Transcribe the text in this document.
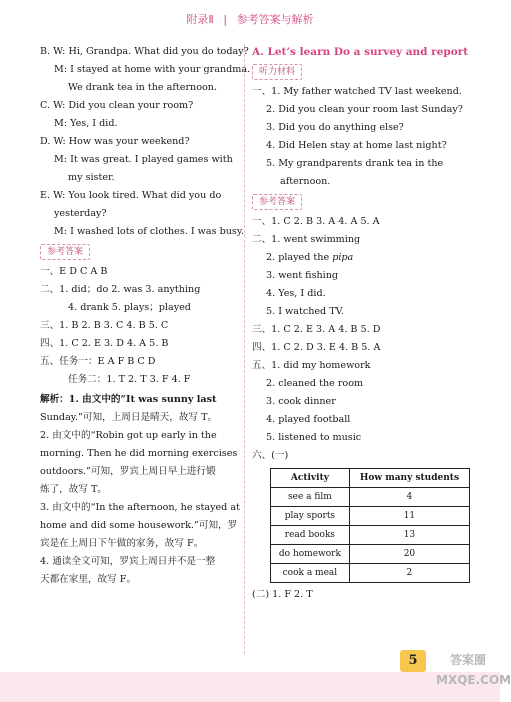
附录Ⅱ | 参考答案与解析
B. W: Hi, Grandpa. What did you do today?
M: I stayed at home with your grandma.
We drank tea in the afternoon.
C. W: Did you clean your room?
M: Yes, I did.
D. W: How was your weekend?
M: It was great. I played games with
my sister.
E. W: You look tired. What did you do
yesterday?
M: I washed lots of clothes. I was busy.
参考答案
一、E D C A B
二、1. did；do 2. was 3. anything
4. drank 5. plays；played
三、1. B 2. B 3. C 4. B 5. C
四、1. C 2. E 3. D 4. A 5. B
五、任务一：E A F B C D
任务二：1. T 2. T 3. F 4. F
解析：1. 由文中的“It was sunny last
Sunday.”可知，上周日是晴天，故写 T。
2. 由文中的“Robin got up early in the
morning. Then he did morning exercises
outdoors.”可知，罗宾上周日早上进行锻
炼了，故写 T。
3. 由文中的“In the afternoon, he stayed at
home and did some housework.”可知，罗
宾是在上周日下午做的家务，故写 F。
4. 通读全文可知，罗宾上周日并不是一整
天都在家里，故写 F。
A. Let’s learn Do a survey and report
听力材料
一、1. My father watched TV last weekend.
2. Did you clean your room last Sunday?
3. Did you do anything else?
4. Did Helen stay at home last night?
5. My grandparents drank tea in the
afternoon.
参考答案
一、1. C 2. B 3. A 4. A 5. A
二、1. went swimming
2. played the pipa
3. went fishing
4. Yes, I did.
5. I watched TV.
三、1. C 2. E 3. A 4. B 5. D
四、1. C 2. D 3. E 4. B 5. A
五、1. did my homework
2. cleaned the room
3. cook dinner
4. played football
5. listened to music
六、(一)
Activity	How many students
see a film	4
play sports	11
read books	13
do homework	20
cook a meal	2
(二) 1. F 2. T
5	答案圈 MXQE.COM
